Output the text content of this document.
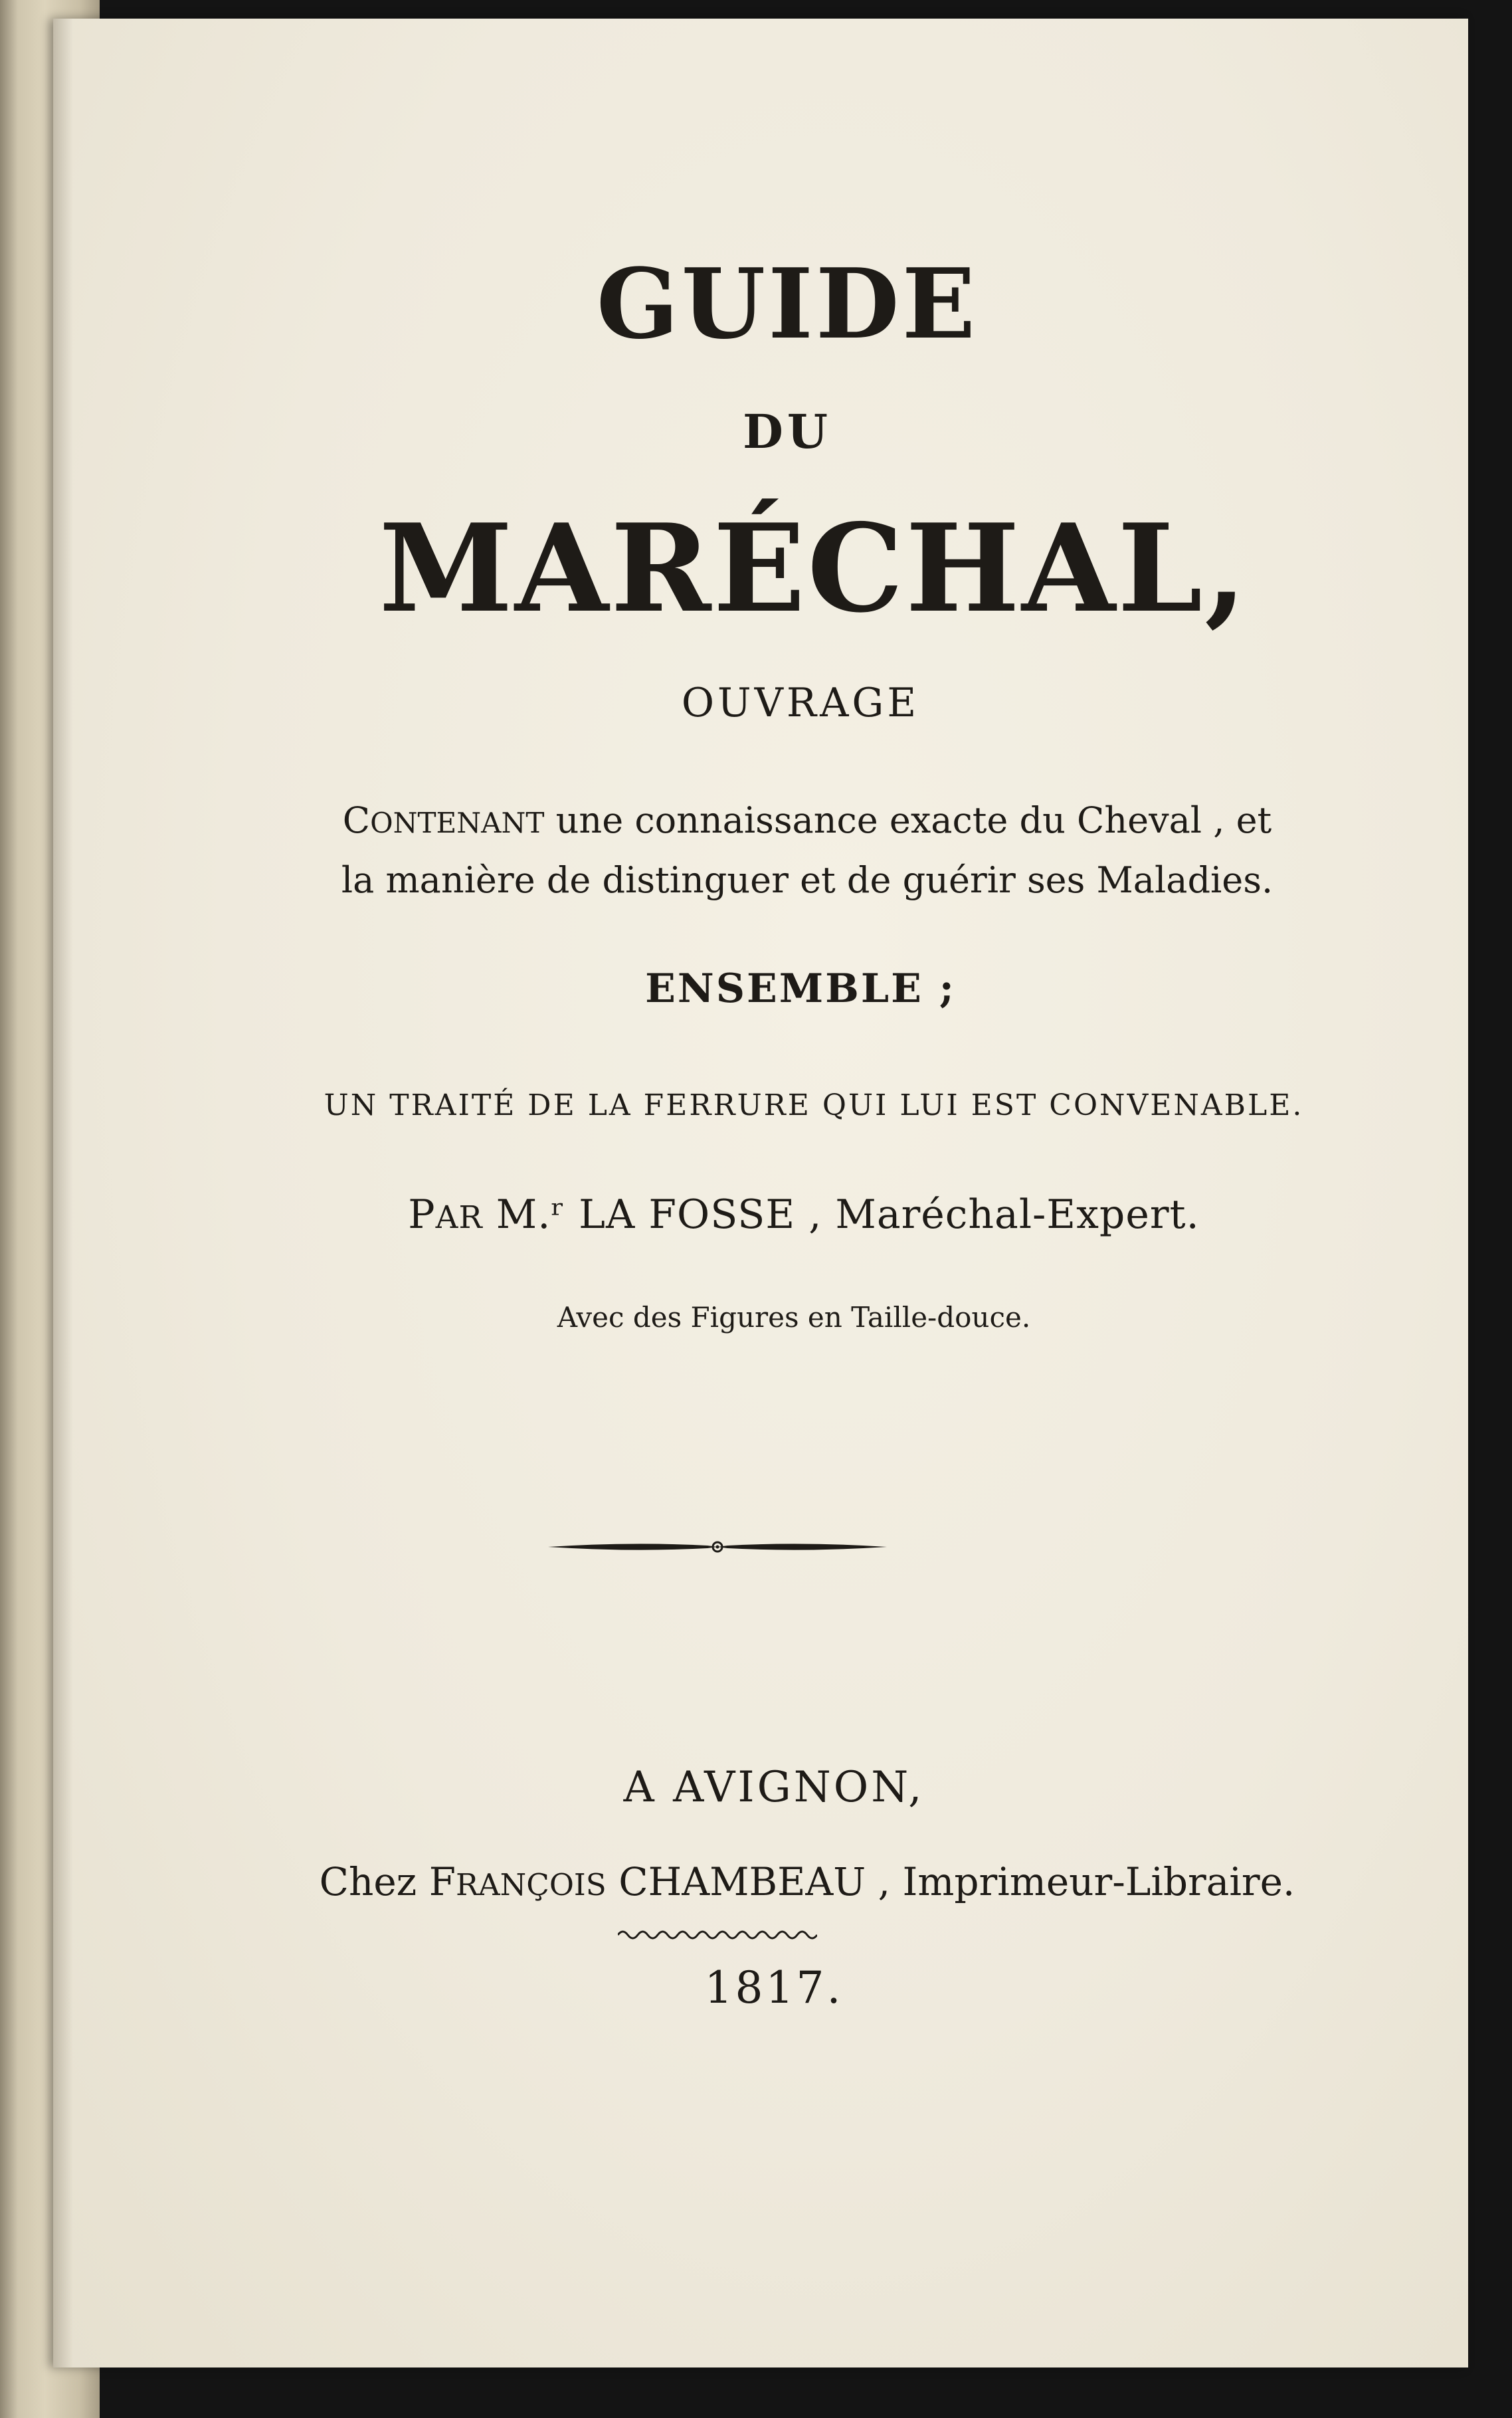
GUIDE

DU

MARÉCHAL,

OUVRAGE

CONTENANT une connaissance exacte du Cheval , et

la manière de distinguer et de guérir ses Maladies.

ENSEMBLE ;

UN TRAITÉ DE LA FERRURE QUI LUI EST CONVENABLE.

PAR M.ʳ LA FOSSE , Maréchal-Expert.

Avec des Figures en Taille-douce.

A AVIGNON,

Chez FRANÇOIS CHAMBEAU , Imprimeur-Libraire.

1817.
